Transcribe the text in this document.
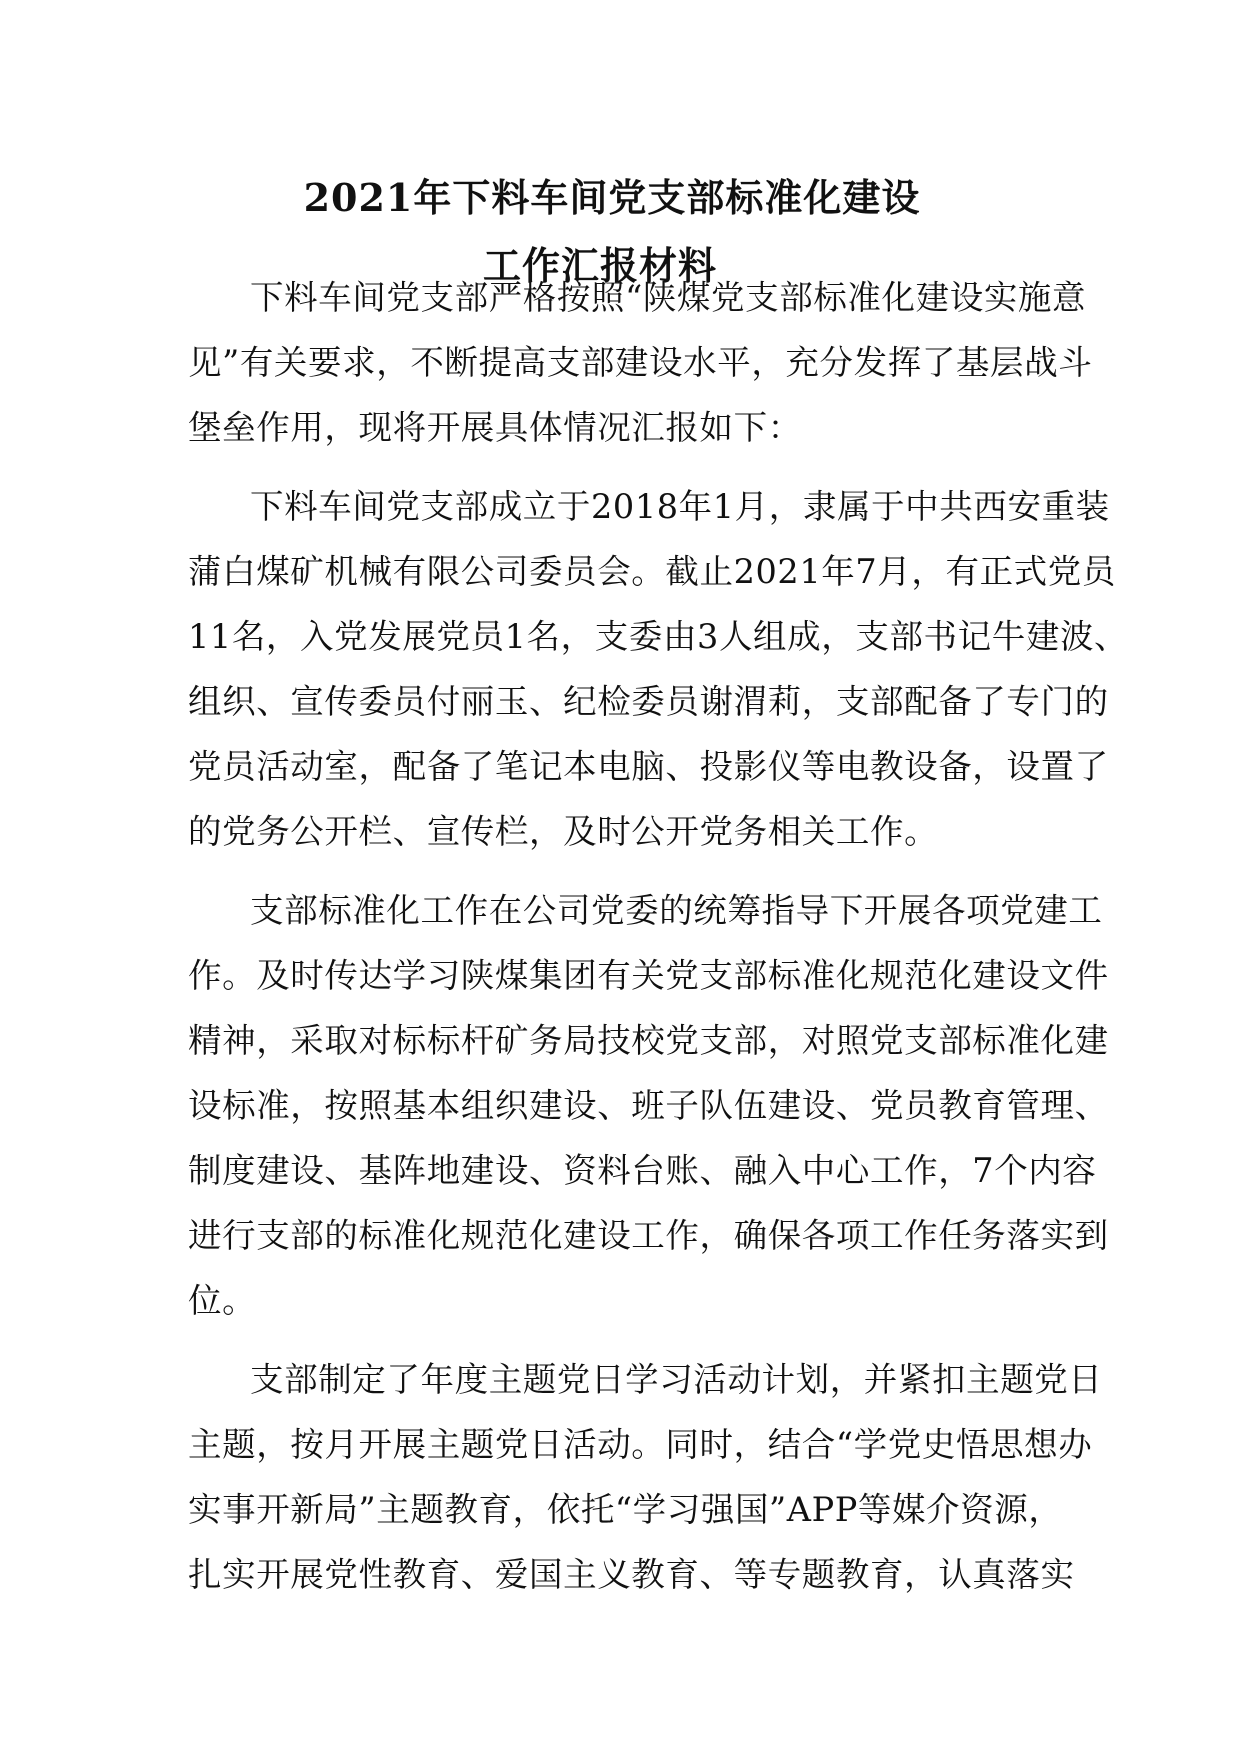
2021年下料车间党支部标准化建设
工作汇报材料
下料车间党支部严格按照“陕煤党支部标准化建设实施意
见”有关要求，不断提高支部建设水平，充分发挥了基层战斗
堡垒作用，现将开展具体情况汇报如下：
下料车间党支部成立于2018年1月，隶属于中共西安重装
蒲白煤矿机械有限公司委员会。截止2021年7月，有正式党员
11名，入党发展党员1名，支委由3人组成，支部书记牛建波、
组织、宣传委员付丽玉、纪检委员谢渭莉，支部配备了专门的
党员活动室，配备了笔记本电脑、投影仪等电教设备，设置了
的党务公开栏、宣传栏，及时公开党务相关工作。
支部标准化工作在公司党委的统筹指导下开展各项党建工
作。及时传达学习陕煤集团有关党支部标准化规范化建设文件
精神，采取对标标杆矿务局技校党支部，对照党支部标准化建
设标准，按照基本组织建设、班子队伍建设、党员教育管理、
制度建设、基阵地建设、资料台账、融入中心工作，7个内容
进行支部的标准化规范化建设工作，确保各项工作任务落实到
位。
支部制定了年度主题党日学习活动计划，并紧扣主题党日
主题，按月开展主题党日活动。同时，结合“学党史悟思想办
实事开新局”主题教育，依托“学习强国”APP等媒介资源，
扎实开展党性教育、爱国主义教育、等专题教育，认真落实
